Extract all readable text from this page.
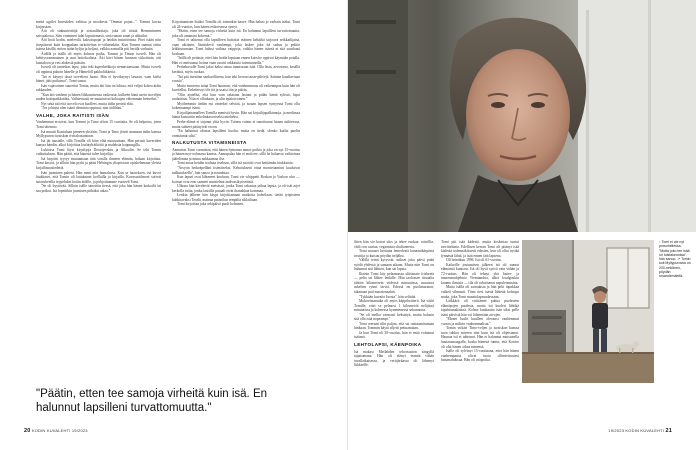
meitä ugrilei Insesäiden valtitaa ja mookesta "Ommat pojan...". Tommi kuvaa kirjassaan.

Äiti oli sinkunterttäjä ja sosiaalihoitaja, joka oli tötsää Hermmimeen satvatalossa. Siän vraminen tulai loputtomasti, sinä ruman sanat ja uhkailut.

Äiti hoiti kodin, mielevilä, kaksoispojat ja heidän insinöörinsa. Pitei isään niin itsepäisesti kuin kroppalaan tarkoitettan tv-viihteinkiin. Kun Tommi saamat ottiin isänsa käsillä, miten isään hyljin ja heljasi, valkka aamoilla piti hertilä varhaiin.

Äidillä ja isällä oli myös kolmas poika, Tommi ja Timon isoveli. Hän oli kehitysvammainen ja asui hoitokodissa. Äiti kävi hänen luonaan viikoittain, otti kainaloon ja veti alakesiä pääsiin.

Isoveli oli tunteikas lapsi, joka teki kuperkeikkoja riemastuessaan. Mutta isoveli oli oppinut pahoin hänelle ja Hämelöll pakkoliikkeita.

"Isä ei käynyt tässä isovelieni luona. Hän ei hyväksynyt lastaan, vaan kielsi hänet, jätti poikansa", Tomi sanoo.

Isän vajavainen suurettui Tomia, mutta äiti hän on lohtua, että veljeä kokea äidin rakkauden.

"Kun äiti vanheni ja hänen liikkumisensa vaikeutui, kulkeën hänä usein isoveljen uuden hoitopaikkoihin. Vaihtevuasti ne muuttuivat kokoajan vähemmän keineiksi."

Nyt sekä äiti että isoveli ovat kuolleet, mutta äidin perinti elää.

"Jos johtaisi olen isänä oleminta oppinut, niin äidiltäni."

VALHE, JOKA RAITISTI ISÄN

Vanhemmat erosivat, kun Tommi ja Timo olivat 15 vuotiaita. Se oli helpotus, joten Tomi tätemoo.

Isä muutti Kontulaan pieneen yksiöön, Tomi ja Timo jäivät asumaan äidin kanssa Myllypuron isosiskon rivitaloasuntoon.

Isä jäi taustalle, sillä Tomilla oli kiire elää nuoruuttaan. Hän perusti kaveriden kanssa bändin, alkoi kirjoittaa laulutylräiköitä ja maleksia kaupungilla.

Lukiossa Tomi löysi kirjalijoja Dostojevskin ja Alkoolin. Se teki Tomin vaikuttuksen. Hän päätti, että hänestä tulee kirjailija.

Isä kirjoitti tyytyy muutamaan tätä varalla ihmeen elämän, haluan kirjoittaa. Tomi kasvoi, ja silloin hän pyrki ja pääsi Helsingin yliopistoon opiskelemaan yleistä kirjallisuustiedettä.

Isän juominen paheni. Hän meni niin humalassa. Kun se haaroksen, isä kuvoi hiukkaset, että Tomin oli laitakainet koillailla ja kirjailla. Kuvasuotilmeet sotivät sutaruhveilla teypehdon kotiin äidille, ja pohjoittamme vuoteelt Tomi.

"Se oli hyytävää. Silloin isälle sanottiin tiessä, että joko hän hänen karkoilit tai saa poikat. Isä lopettikin juomisen pitkäksi aikaa."

Kirjoittamisen lisäksi Tomilla oli toinenkin haave. Hän halusi jo varhain isäksi. Tomi oli 24-vuotias, kun hänen esikoisensa syntyi.

"Päätin, etten tee samoja virheitä kuin isä. En halunnut lapsilleni turvattomuutta, joka oli omanani kokenut."

Tomi ei tahtonut olla lapsilleen haitoitta etäinen kehäiltä tarjoava seikkailijaisä, vaan aktiinen, läsnäolevä vanhempi, joka laskee joka itä sadun ja pelitte leikkiutumaan. Tomi halusi vaihtaa vaippoja, vaikka hänen isänsä ei sitä suurlansi koskaan.

"Isällä oli pettaste, ettei hän hoida lapsiaan ennen kuin he oppivat käymään potalla. Hän ei onnistunut hoitaa vaan osoitti rakkautta totentunnolla."

Perhekuvalle Tomi jakoi kaksi omaa tunnissaan isää. Olla lasta, arvostena, kesällä kerättiä, myös ruokaa.

"Isä piti itsestäan sankarillisena, kun teki kerran tartar-pihvejä. Sainme kaudiaviaan vuosia".

Mutta moorena isänä Tomi huomasi, että vanhemmuus oli vaikeampaa kuin hän oli kuvitellut. Enkeleistyi tile itä ja usaisi tiin ja pätiin.

"Olin ajatellut, että kun vain rakastan lastani ja pidän häntä sylissä, lapsi rauhoittuu. Niin ei ollutkaan, ja olin epätoivoinen."

Myöhemmin tiedän nyt omeekei selviää, ja isoaan lapsen syntyessä Tomi ollu kokemaampi isänä.

Kirjailijanamalleet Tomilla menivät hyvin. Hän sai kirjailijapalkinnoja, ja mediassa häntä kutsuttiin enkelinkasvoiseksi mieheksi.

Perhe-elämä ei sujunut yhtä hyvin. Toinen vaimo ei sanoittanut lainan suihteessa, mutta suhteet päättyivät eroon.

"En halunnut altistaa lapsilleni huolta, mutta en tiedä, olenko kuilin puolin onnistunut siltä."

NALKUTUSTA VITAMIINEISTA

Aamuisin Tomi varmistaa, että hänen hymansa annos poikia ja joka on nyt 15-vuotias ja hänen myt-oohasesa kanssa. Aamupalaa hän ei enää tee, sillä he haluavat vaihtoinaa jäätelömaa ja muna nakkaamaa ilse.

Tomi antaa heidän touhuta itseksen, sillä isä suosiiti ovat heittämän kiukkuista.

"Ärsytin hetkeäpelläni itsenäiseksi. Kehotukseni ottaa monivitamiini kuuluivat nalkutuksella", hän sanoo ja naurahtaa.

Kun lapset ovat lähteneet kouluun, Tomi vie whippetti Roskan ja Vaskon ulos — koiraat ovat ensi saaneet muistelma androssikyöseäistä.

Ulkona hän kävelevät metsässä, jonka Tomi rakastaa jatkaa lapsia, ja oli-isät arjet kerkolla tattia, jonka lasiiilla pasaali eivät ihanakkaa kommaa.

Lenkin jälkeen hän käypi kirjoittamaan matkoita kahvilaan, tietää työpisteen kahkitavaksi Terälä, mainaa painoilun tempiltä siklailtaan.

Tomi kirjoittaa joka arkipäivä puoli kolmeen.

"Päätin, etten tee samoja virheitä kuin isä. En halunnut lapsilleni turvattomuutta."
20 KODIN KUVALEHTI 19/2023

Siten hän vie koirat ulos ja tekee ruokaa: rottrillia, chili con carnaa, vegaanista shuffaneeria.

Tomi muuset kerttuna lemerlestä hanaanikärpästä irruttija ja kutsuu pöydän neljäksi.

Välillä teinit kyrysvät, mikset joka päivä pitää syödä yhdessä ja samaan aikaan. Mutta niin Tomi on halunnut sitä lähtien, kun sai lapsia.

Iltaisin Tomi käy pelaamassa ulittimate frisbeetä — pelia tai lähtee lenkille. Hän taoloasee rituaalia tahtiin kilometrein viidessä minuutissa, muutava askelten rytmi tärviä. Edessä on puolimaraton, takanaan puti maratonaahin.

"Tykkään kuvaita Juosta", hän selittää.

Mukaviinamuka oli myös käppihoitterit. Isä väitti Tomille, ettei se pelmosi 1 kilometriä nelijässä minuutissa ja kolmessa kymmenessä sekunnissa.

"Se oli melko varmasti keksittyä, mutta halusin sitä olla isää nopeampi."

Tomi reeraan tilin paljon, että sai raittauminutuan hinkaan. Tommin käytä siljetti pettuamiaan.

Ja kun Tomi oli 30-vuotias, hän ei enää voittanut isäänsä.

LEHTOLAPSI, KÄENPOIKA

Isä makasi Meilahden tehoosaston sängyllä tajuttomana. Hän oli elänyt teamiä vähän tavallaikaisessa, ja vertijärkassa oli lähtenyt liikkeelle.

Tomi piti isää kädestä, mutta koskettaa tuntui tarvittelunta. Edellisen kerran Tomi oli pitänyt isää kädestä todennäköisesti edesten, kun oli ollut nyttää lynnästä lähtä, ja isää ennen tätä lapsena.

Oli heinäkuu 1996. Isä oli 61-vuotias.

Kaikeille joutumisen jälkeen isä oli saanut elämänsä kuntoon. Isä oli hyvä syövä vain vähän ja 72-vuotias. Hän oli tehnyt yhä laster- ja naurenmuhjelmia Viemiandria, alkoi loudgoukin kuumo ihmisiä — tila oli rahoittanut nepuleimusina.

Mutta isällä oli sairauksia ja hän pelti tupakkaa vaikeä vihmasti. Tömi tiesi isästä lähteää kohtopa muka, joka Tomi muuttolapsuudessaan.

Läikkärit oli virittämet puhua puoleseen elämäpojen puolesta, mutta isä kuoleri lähtikä tapahtumakäässä. Kolme kuukautta isän siksi pelle isäni päivistä hän voi lähtemään aivojen.

"Monet luulit kuulleet olevansi vanhemmat vuosia ja milirin vanhemmalista."

Tomin virkäri Timo-veljen ja isosiskon kanssa tuon tuhkat miveen niin kuin isä oli ohjeistanut. Haunaa isä ei tahtonut. Hän ei halunnut muistutella hautausmaagalla, koska hänestä tuntui, että Kontro oli olut hänen oikea nimensä.

Isälle oli sylvinyt 15-vuotiaana, ettei hän hänen vanhempansa olivat tuota ollenteisuutesi haiumahdusaa. Hän oli ottopoika.

↑ Tomi ei ole nyt porsuhellessa. "Mutta joko tee isää on toistakeuntaa", hän sanoo. ↗ Tomin koti Myllypurossa on 200-neliöinen, pöydän rusandemäeltä.
19/2023 KODIN KUVALEHTI 21
